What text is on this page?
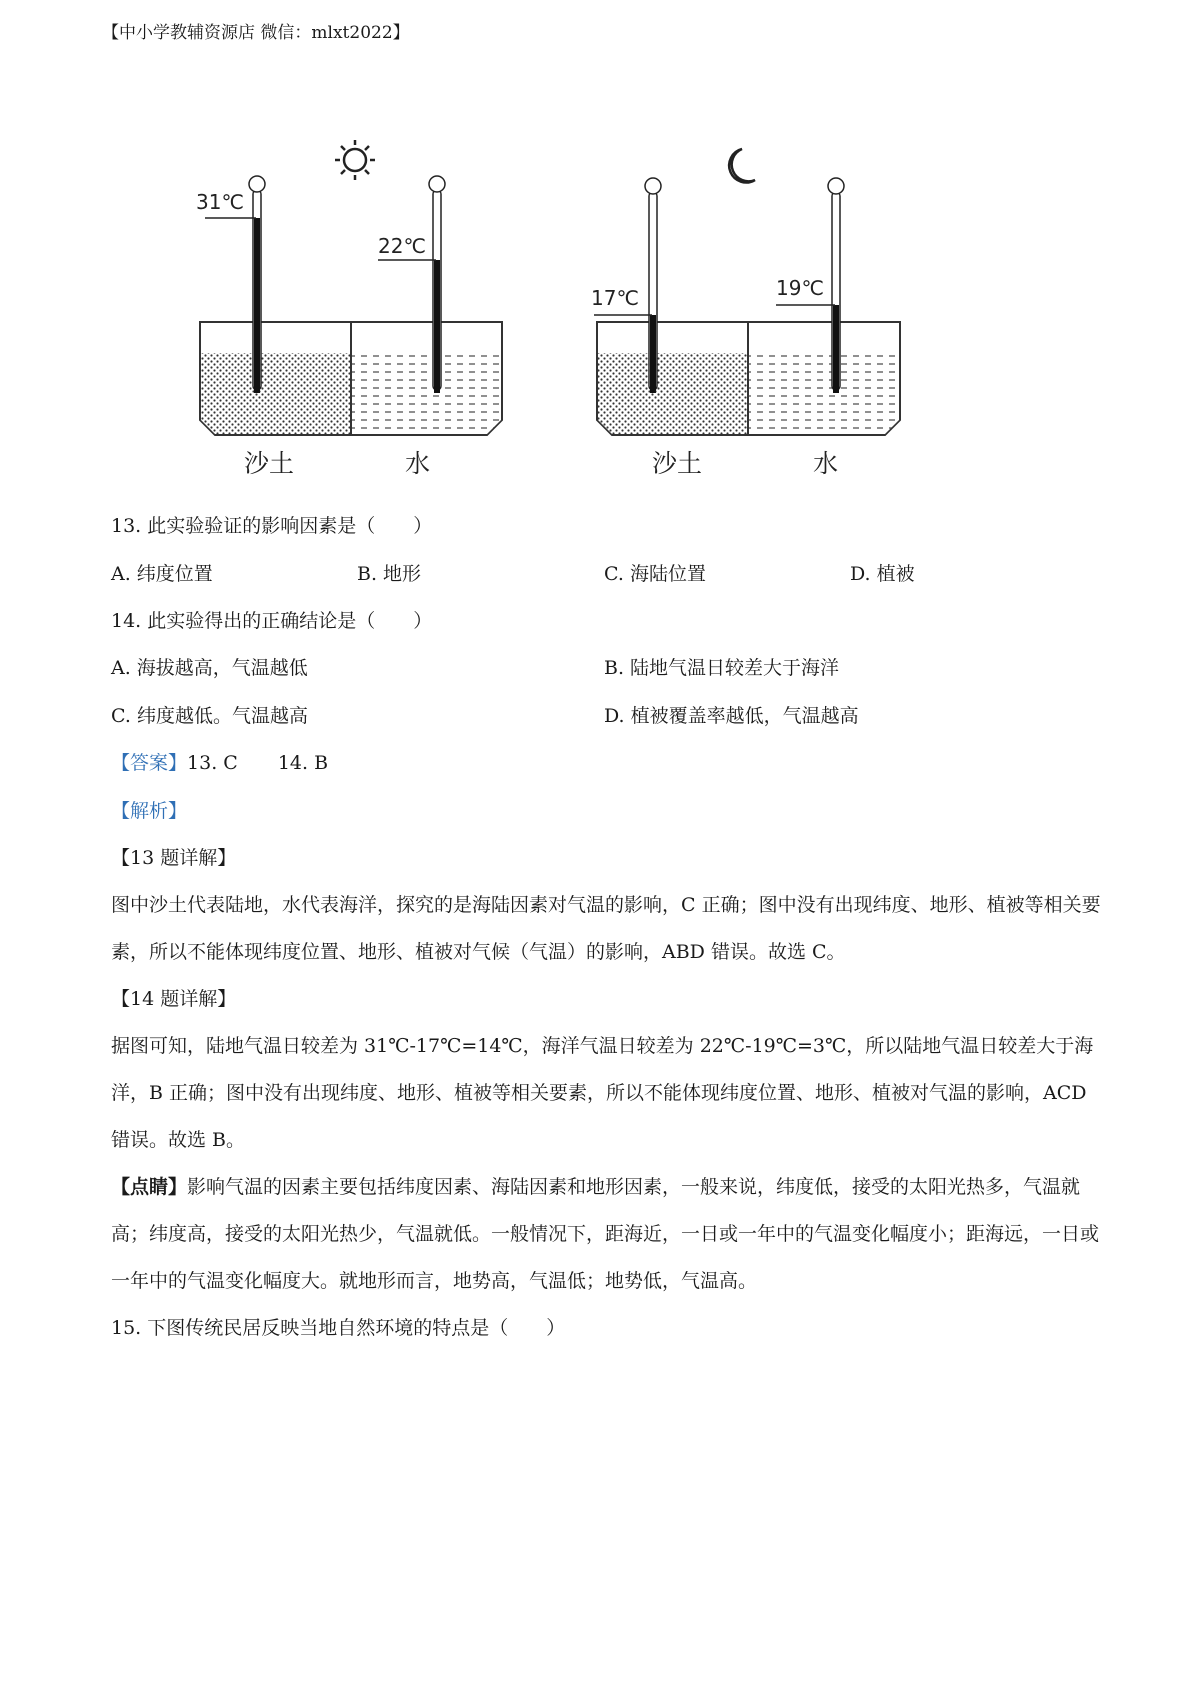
【中小学教辅资源店 微信：mlxt2022】
31℃
22℃
沙土	水
17℃	19℃
沙土	水
13. 此实验验证的影响因素是（　　）
A. 纬度位置	B. 地形	C. 海陆位置	D. 植被
14. 此实验得出的正确结论是（　　）
A. 海拔越高，气温越低	B. 陆地气温日较差大于海洋
C. 纬度越低。气温越高	D. 植被覆盖率越低，气温越高
【答案】13. C 14. B
【解析】
【13 题详解】

图中沙土代表陆地，水代表海洋，探究的是海陆因素对气温的影响，C 正确；图中没有出现纬度、地形、植被等相关要素，所以不能体现纬度位置、地形、植被对气候（气温）的影响，ABD 错误。故选 C。

【14 题详解】

据图可知，陆地气温日较差为 31℃-17℃=14℃，海洋气温日较差为 22℃-19℃=3℃，所以陆地气温日较差大于海洋，B 正确；图中没有出现纬度、地形、植被等相关要素，所以不能体现纬度位置、地形、植被对气温的影响，ACD 错误。故选 B。

【点睛】影响气温的因素主要包括纬度因素、海陆因素和地形因素，一般来说，纬度低，接受的太阳光热多，气温就高；纬度高，接受的太阳光热少，气温就低。一般情况下，距海近，一日或一年中的气温变化幅度小；距海远，一日或一年中的气温变化幅度大。就地形而言，地势高，气温低；地势低，气温高。

15. 下图传统民居反映当地自然环境的特点是（　　）
